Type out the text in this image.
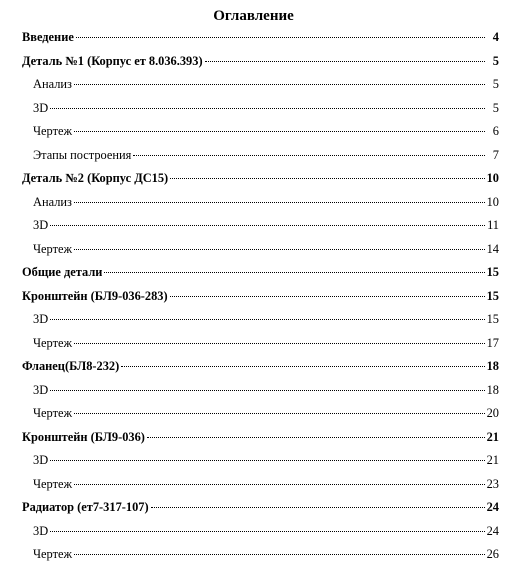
Оглавление
Введение	4
Деталь №1 (Корпус ет 8.036.393)	5
Анализ	5
3D	5
Чертеж	6
Этапы построения	7
Деталь №2 (Корпус ДС15)	10
Анализ	10
3D	11
Чертеж	14
Общие детали	15
Кронштейн (БЛ9-036-283)	15
3D	15
Чертеж	17
Фланец(БЛ8-232)	18
3D	18
Чертеж	20
Кронштейн (БЛ9-036)	21
3D	21
Чертеж	23
Радиатор (ет7-317-107)	24
3D	24
Чертеж	26
